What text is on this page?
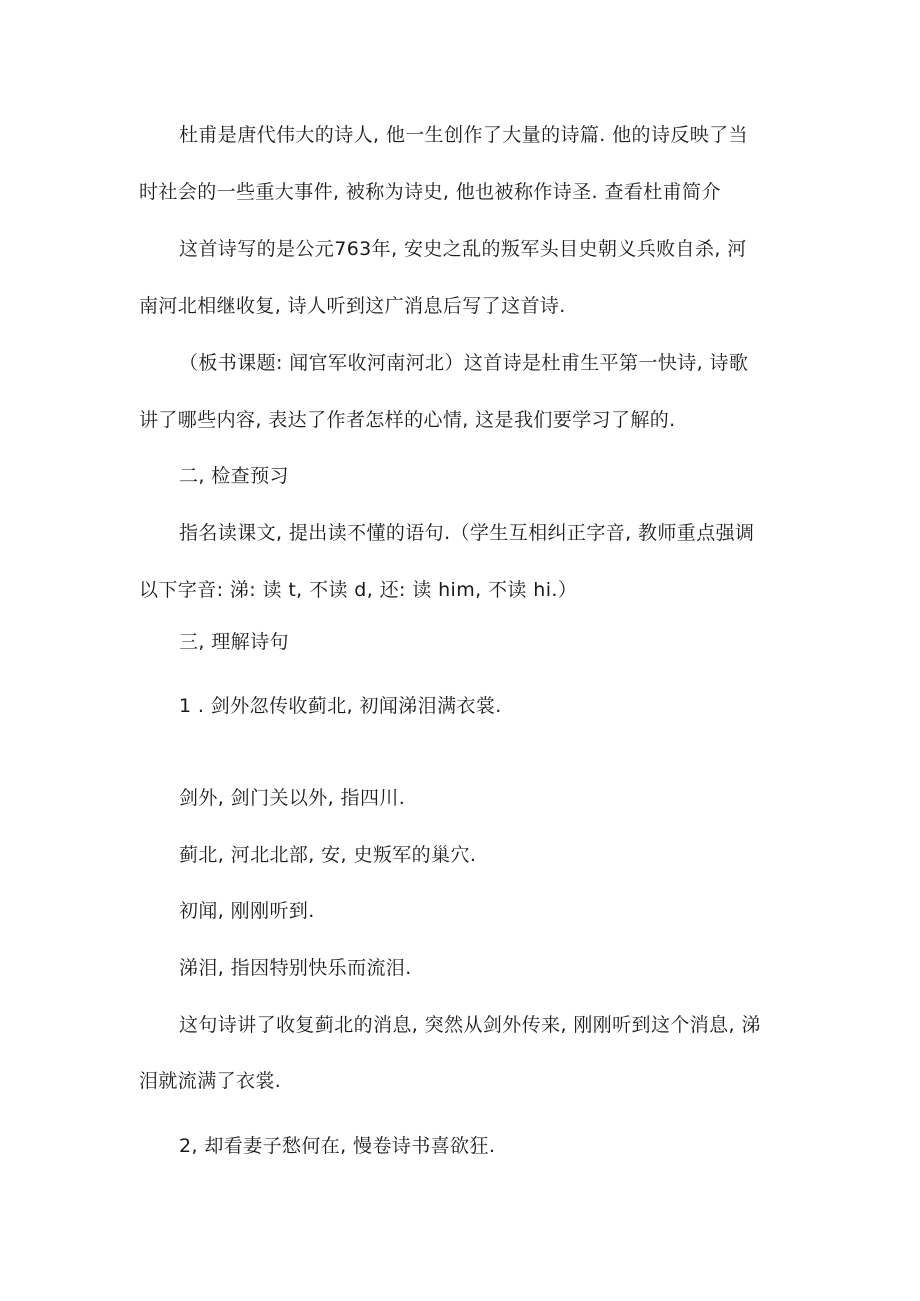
杜甫是唐代伟大的诗人, 他一生创作了大量的诗篇. 他的诗反映了当
时社会的一些重大事件, 被称为诗史, 他也被称作诗圣. 查看杜甫简介
这首诗写的是公元763年, 安史之乱的叛军头目史朝义兵败自杀, 河
南河北相继收复, 诗人听到这广消息后写了这首诗.
（板书课题: 闻官军收河南河北）这首诗是杜甫生平第一快诗, 诗歌
讲了哪些内容, 表达了作者怎样的心情, 这是我们要学习了解的.
二, 检查预习
指名读课文, 提出读不懂的语句.（学生互相纠正字音, 教师重点强调
以下字音: 涕: 读 t, 不读 d, 还: 读 him, 不读 hi.）
三, 理解诗句
1 . 剑外忽传收蓟北, 初闻涕泪满衣裳.
剑外, 剑门关以外, 指四川.
蓟北, 河北北部, 安, 史叛军的巢穴.
初闻, 刚刚听到.
涕泪, 指因特别快乐而流泪.
这句诗讲了收复蓟北的消息, 突然从剑外传来, 刚刚听到这个消息, 涕
泪就流满了衣裳.
2, 却看妻子愁何在, 慢卷诗书喜欲狂.
